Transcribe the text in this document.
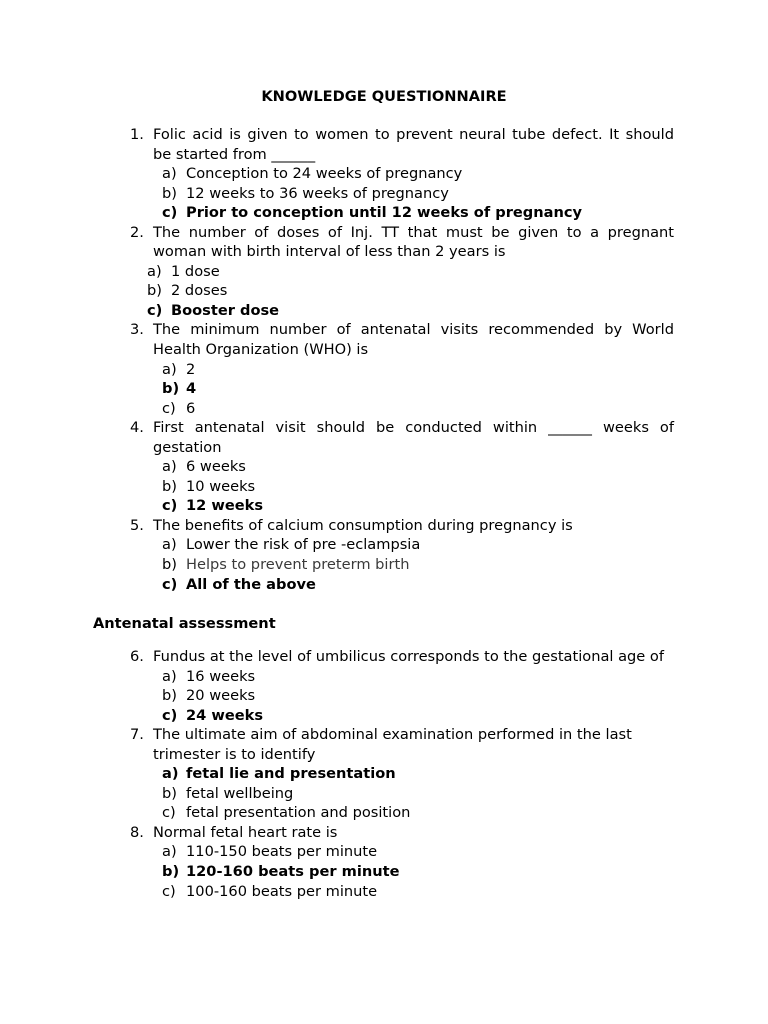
KNOWLEDGE QUESTIONNAIRE
1. Folic acid is given to women to prevent neural tube defect. It should be started from ______
a) Conception to 24 weeks of pregnancy
b) 12 weeks to 36 weeks of pregnancy
c) Prior to conception until 12 weeks of pregnancy
2. The number of doses of Inj. TT that must be given to a pregnant woman with birth interval of less than 2 years is
a) 1 dose
b) 2 doses
c) Booster dose
3. The minimum number of antenatal visits recommended by World Health Organization (WHO) is
a) 2
b) 4
c) 6
4. First antenatal visit should be conducted within ______ weeks of gestation
a) 6 weeks
b) 10 weeks
c) 12 weeks
5. The benefits of calcium consumption during pregnancy is
a) Lower the risk of pre -eclampsia
b) Helps to prevent preterm birth
c) All of the above
Antenatal assessment
6. Fundus at the level of umbilicus corresponds to the gestational age of
a) 16 weeks
b) 20 weeks
c) 24 weeks
7. The ultimate aim of abdominal examination performed in the last trimester is to identify
a) fetal lie and presentation
b) fetal wellbeing
c) fetal presentation and position
8. Normal fetal heart rate is
a) 110-150 beats per minute
b) 120-160 beats per minute
c) 100-160 beats per minute
